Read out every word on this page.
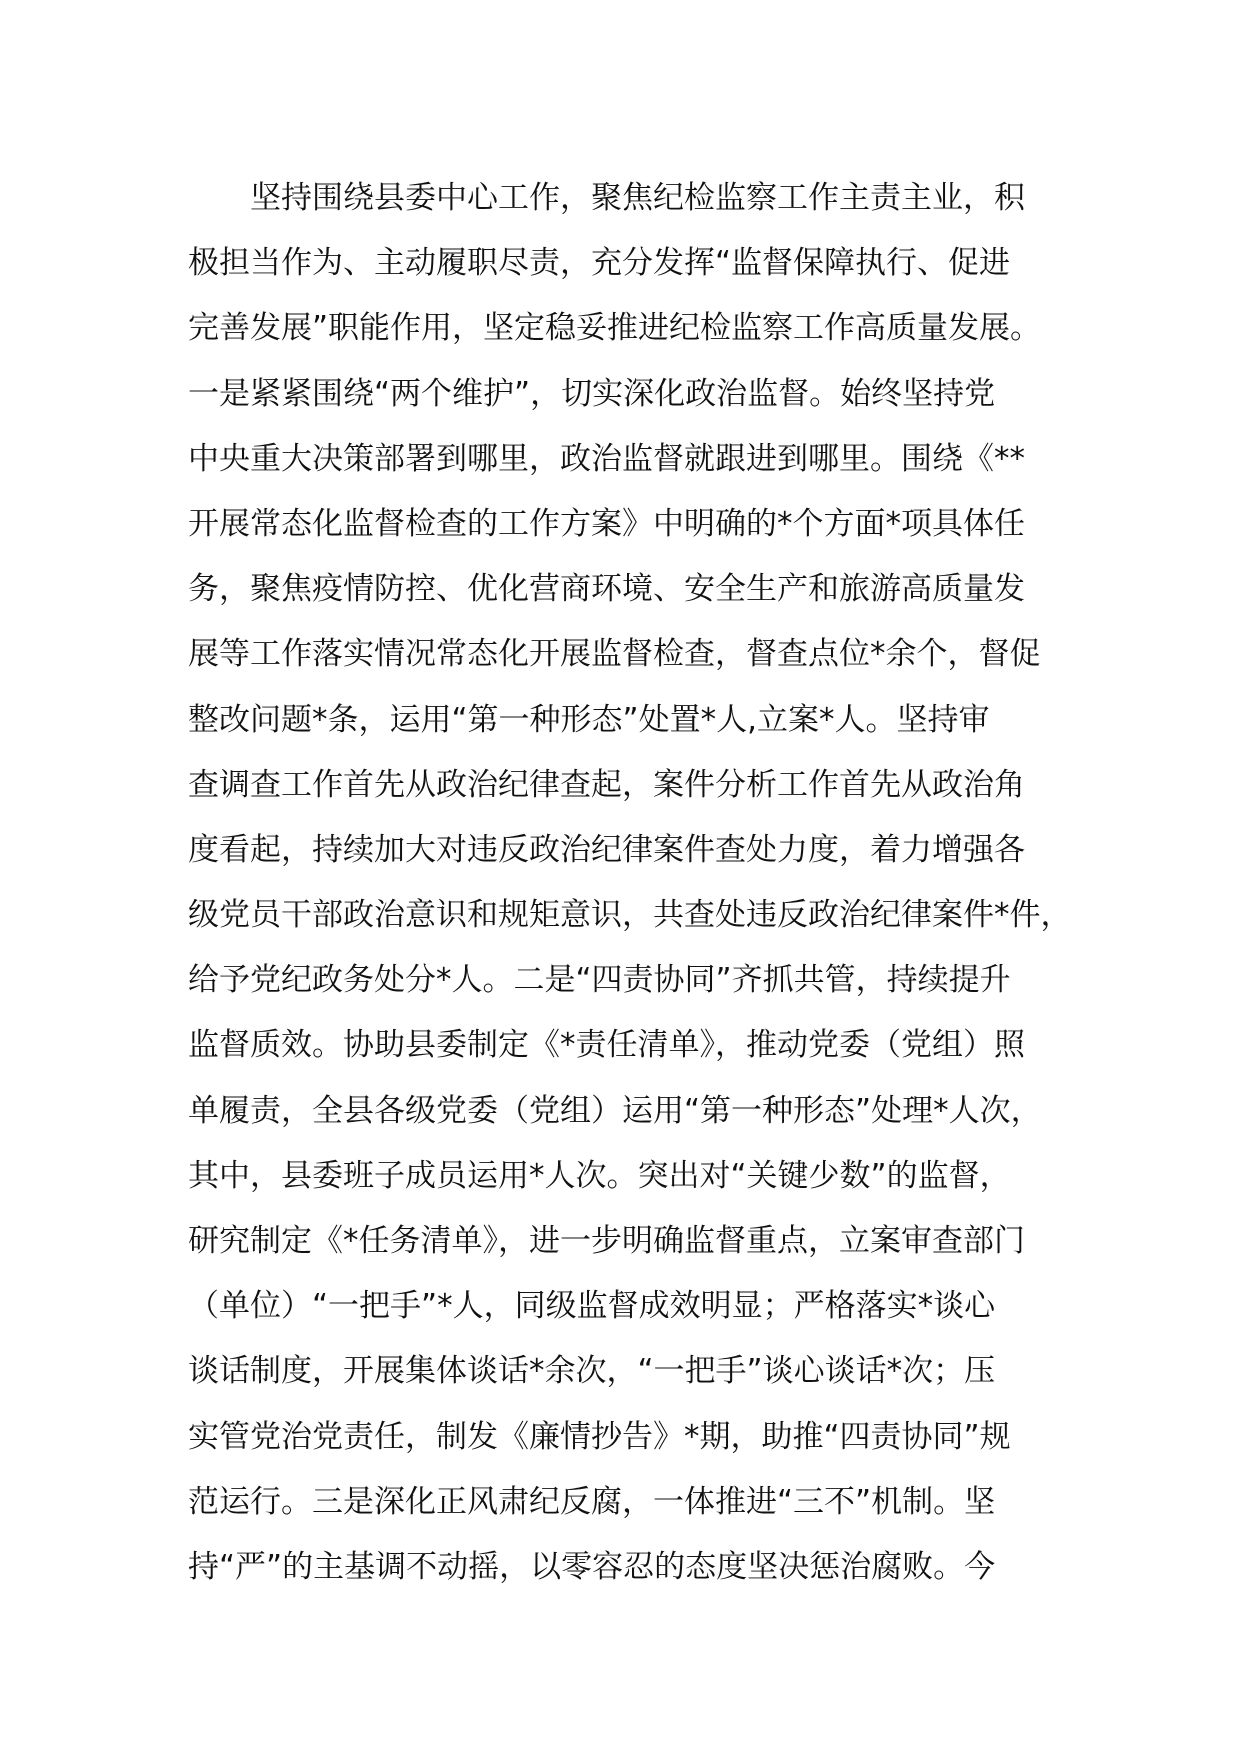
　　坚持围绕县委中心工作，聚焦纪检监察工作主责主业，积
极担当作为、主动履职尽责，充分发挥“监督保障执行、促进
完善发展”职能作用，坚定稳妥推进纪检监察工作高质量发展。
一是紧紧围绕“两个维护”，切实深化政治监督。始终坚持党
中央重大决策部署到哪里，政治监督就跟进到哪里。围绕《**
开展常态化监督检查的工作方案》中明确的*个方面*项具体任
务，聚焦疫情防控、优化营商环境、安全生产和旅游高质量发
展等工作落实情况常态化开展监督检查，督查点位*余个，督促
整改问题*条，运用“第一种形态”处置*人,立案*人。坚持审
查调查工作首先从政治纪律查起，案件分析工作首先从政治角
度看起，持续加大对违反政治纪律案件查处力度，着力增强各
级党员干部政治意识和规矩意识，共查处违反政治纪律案件*件，
给予党纪政务处分*人。二是“四责协同”齐抓共管，持续提升
监督质效。协助县委制定《*责任清单》，推动党委（党组）照
单履责，全县各级党委（党组）运用“第一种形态”处理*人次，
其中，县委班子成员运用*人次。突出对“关键少数”的监督，
研究制定《*任务清单》，进一步明确监督重点，立案审查部门
（单位）“一把手”*人，同级监督成效明显；严格落实*谈心
谈话制度，开展集体谈话*余次，“一把手”谈心谈话*次；压
实管党治党责任，制发《廉情抄告》*期，助推“四责协同”规
范运行。三是深化正风肃纪反腐，一体推进“三不”机制。坚
持“严”的主基调不动摇，以零容忍的态度坚决惩治腐败。今
